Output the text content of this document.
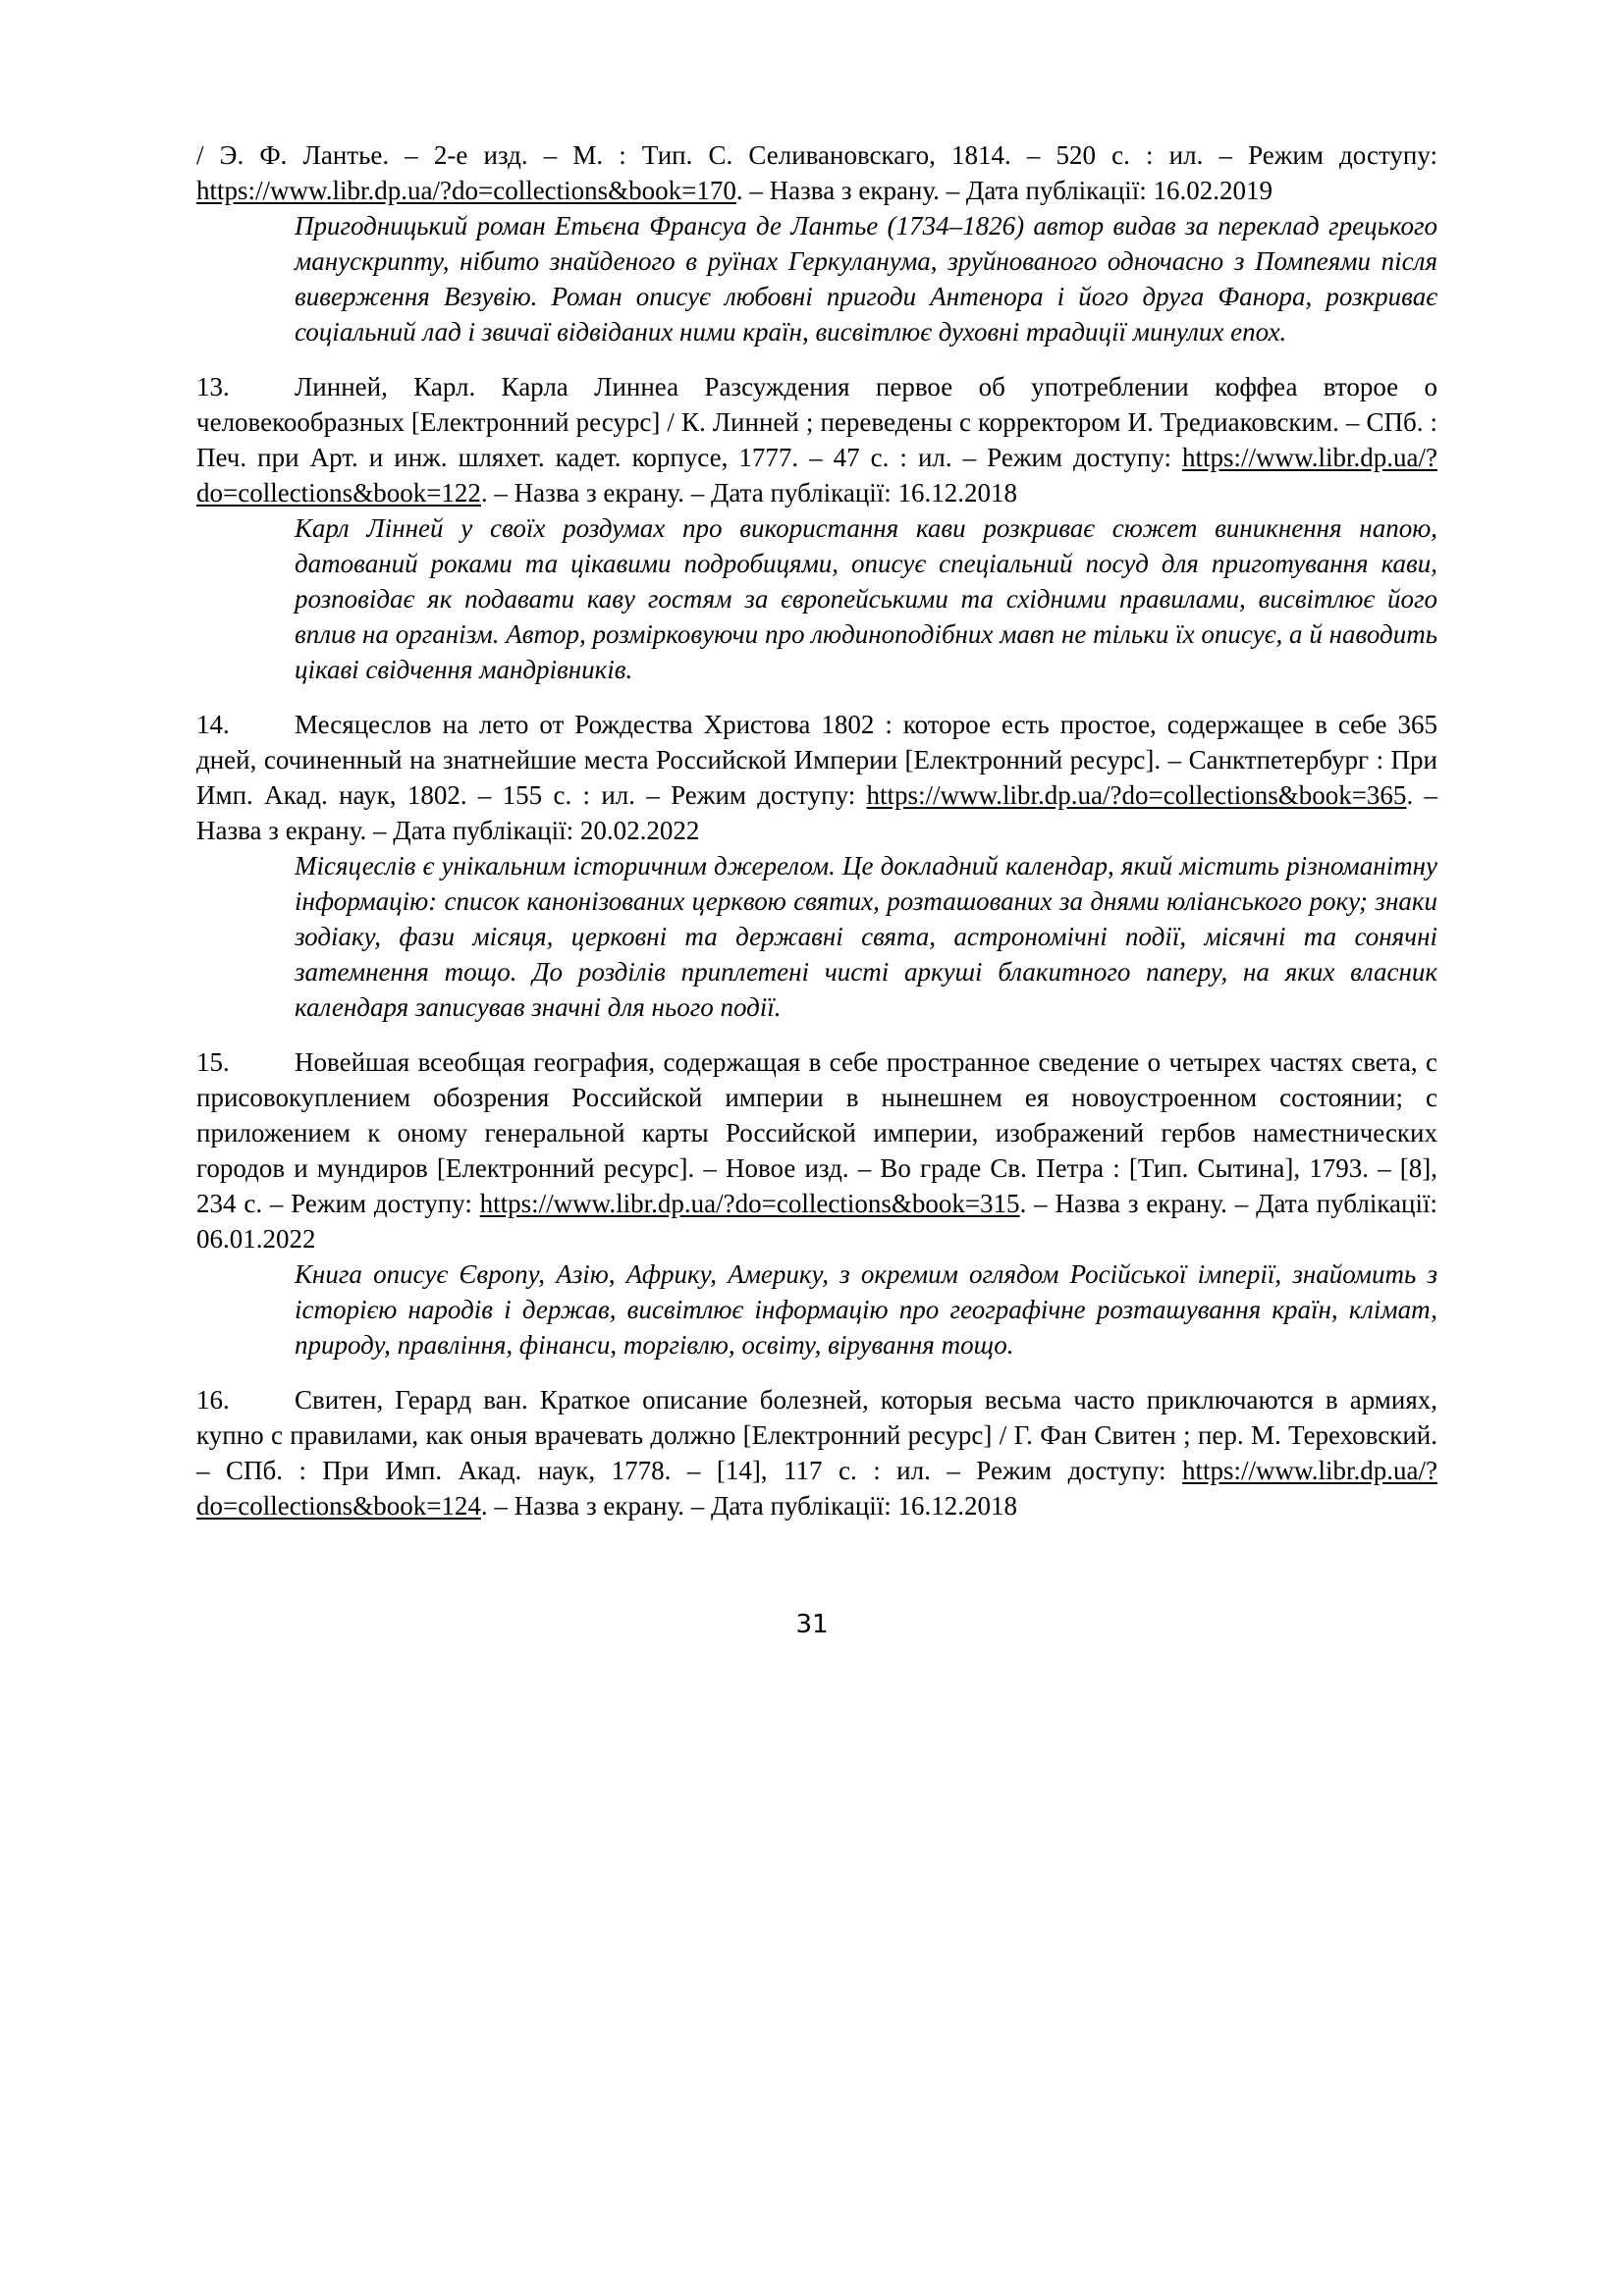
/ Э. Ф. Лантье. – 2-е изд. – М. : Тип. С. Селивановскаго, 1814. – 520 с. : ил. – Режим доступу: https://www.libr.dp.ua/?do=collections&book=170. – Назва з екрану. – Дата публікації: 16.02.2019
Пригодницький роман Етьєна Франсуа де Лантье (1734–1826) автор видав за переклад грецького манускрипту, нібито знайденого в руїнах Геркуланума, зруйнованого одночасно з Помпеями після виверження Везувію. Роман описує любовні пригоди Антенора і його друга Фанора, розкриває соціальний лад і звичаї відвіданих ними країн, висвітлює духовні традиції минулих епох.
13. Линней, Карл. Карла Линнеа Разсуждения первое об употреблении коффеа второе о человекообразных [Електронний ресурс] / К. Линней ; переведены с корректором И. Тредиаковским. – СПб. : Печ. при Арт. и инж. шляхет. кадет. корпусе, 1777. – 47 с. : ил. – Режим доступу: https://www.libr.dp.ua/?do=collections&book=122. – Назва з екрану. – Дата публікації: 16.12.2018
Карл Лінней у своїх роздумах про використання кави розкриває сюжет виникнення напою, датований роками та цікавими подробицями, описує спеціальний посуд для приготування кави, розповідає як подавати каву гостям за європейськими та східними правилами, висвітлює його вплив на організм. Автор, розмірковуючи про людиноподібних мавп не тільки їх описує, а й наводить цікаві свідчення мандрівників.
14. Месяцеслов на лето от Рождества Христова 1802 : которое есть простое, содержащее в себе 365 дней, сочиненный на знатнейшие места Российской Империи [Електронний ресурс]. – Санктпетербург : При Имп. Акад. наук, 1802. – 155 с. : ил. – Режим доступу: https://www.libr.dp.ua/?do=collections&book=365. – Назва з екрану. – Дата публікації: 20.02.2022
Місяцеслів є унікальним історичним джерелом. Це докладний календар, який містить різноманітну інформацію: список канонізованих церквою святих, розташованих за днями юліанського року; знаки зодіаку, фази місяця, церковні та державні свята, астрономічні події, місячні та сонячні затемнення тощо. До розділів приплетені чисті аркуші блакитного паперу, на яких власник календаря записував значні для нього події.
15. Новейшая всеобщая география, содержащая в себе пространное сведение о четырех частях света, с присовокуплением обозрения Российской империи в нынешнем ея новоустроенном состоянии; с приложением к оному генеральной карты Российской империи, изображений гербов наместнических городов и мундиров [Електронний ресурс]. – Новое изд. – Во граде Св. Петра : [Тип. Сытина], 1793. – [8], 234 с. – Режим доступу: https://www.libr.dp.ua/?do=collections&book=315. – Назва з екрану. – Дата публікації: 06.01.2022
Книга описує Європу, Азію, Африку, Америку, з окремим оглядом Російської імперії, знайомить з історією народів і держав, висвітлює інформацію про географічне розташування країн, клімат, природу, правління, фінанси, торгівлю, освіту, вірування тощо.
16. Свитен, Герард ван. Краткое описание болезней, которыя весьма часто приключаются в армиях, купно с правилами, как оныя врачевать должно [Електронний ресурс] / Г. Фан Свитен ; пер. М. Тереховский. – СПб. : При Имп. Акад. наук, 1778. – [14], 117 с. : ил. – Режим доступу: https://www.libr.dp.ua/?do=collections&book=124. – Назва з екрану. – Дата публікації: 16.12.2018
31
